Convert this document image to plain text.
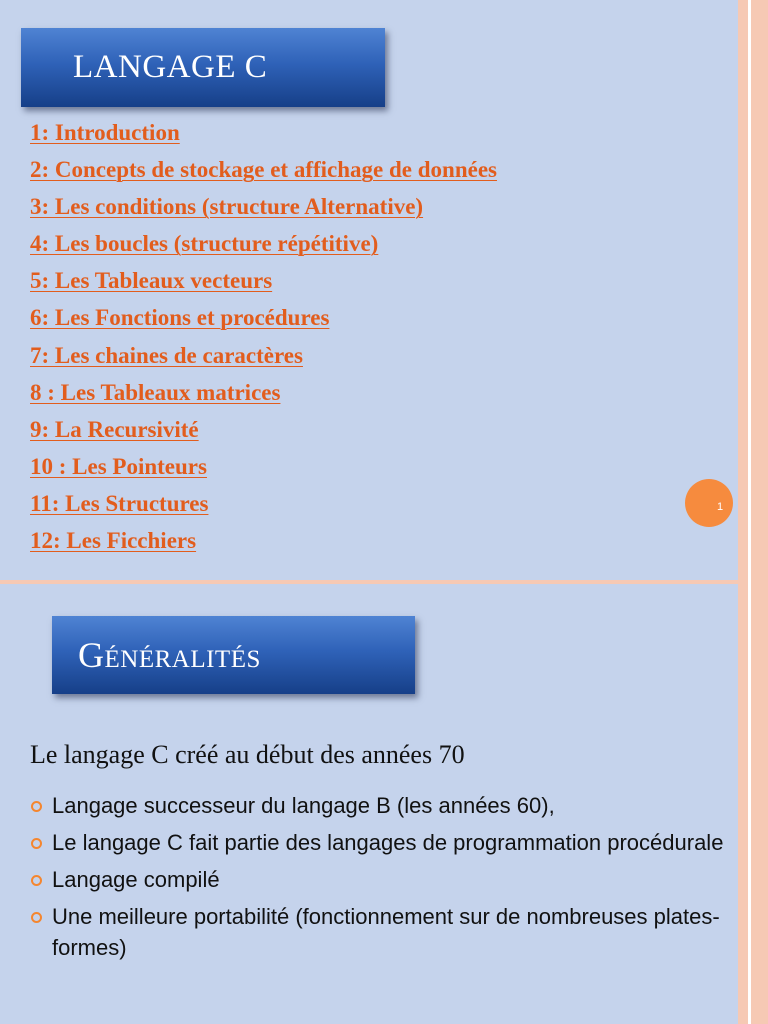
LANGAGE C
1: Introduction
2: Concepts de stockage et affichage de données
3: Les conditions (structure Alternative)
4: Les boucles (structure répétitive)
5: Les Tableaux vecteurs
6: Les Fonctions et procédures
7: Les chaines de caractères
8 : Les Tableaux matrices
9: La Recursivité
10 : Les Pointeurs
11: Les Structures
12: Les Ficchiers
1
Généralités
Le langage C créé au début des années 70
Langage successeur du langage B (les années 60),
Le langage C fait partie des langages de programmation procédurale
Langage compilé
Une meilleure portabilité (fonctionnement sur de nombreuses plates-formes)
